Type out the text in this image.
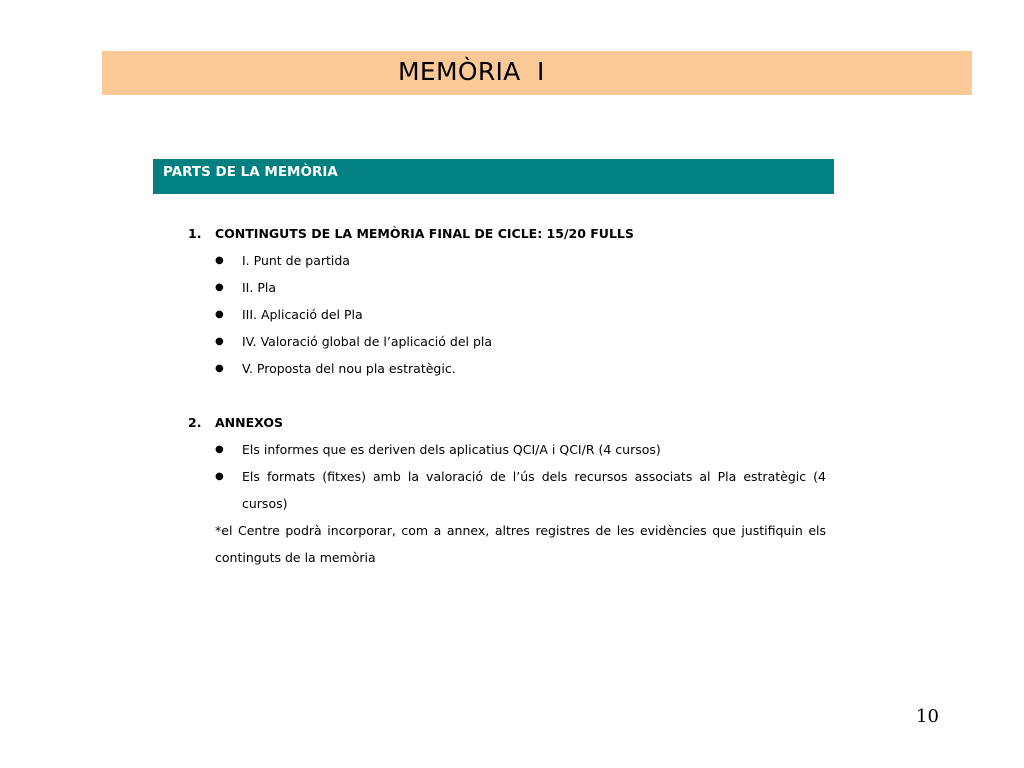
MEMÒRIA  I
PARTS DE LA MEMÒRIA
1.	CONTINGUTS DE LA MEMÒRIA FINAL DE CICLE: 15/20 FULLS
●	I. Punt de partida
●	II. Pla
●	III. Aplicació del Pla
●	IV. Valoració global de l’aplicació del pla
●	V. Proposta del nou pla estratègic.
2.	ANNEXOS
●	Els informes que es deriven dels aplicatius QCI/A i QCI/R (4 cursos)
●	Els formats (fitxes) amb la valoració de l’ús dels recursos associats al Pla estratègic (4 cursos)
*el Centre podrà incorporar, com a annex, altres registres de les evidències que justifiquin els continguts de la memòria
10
